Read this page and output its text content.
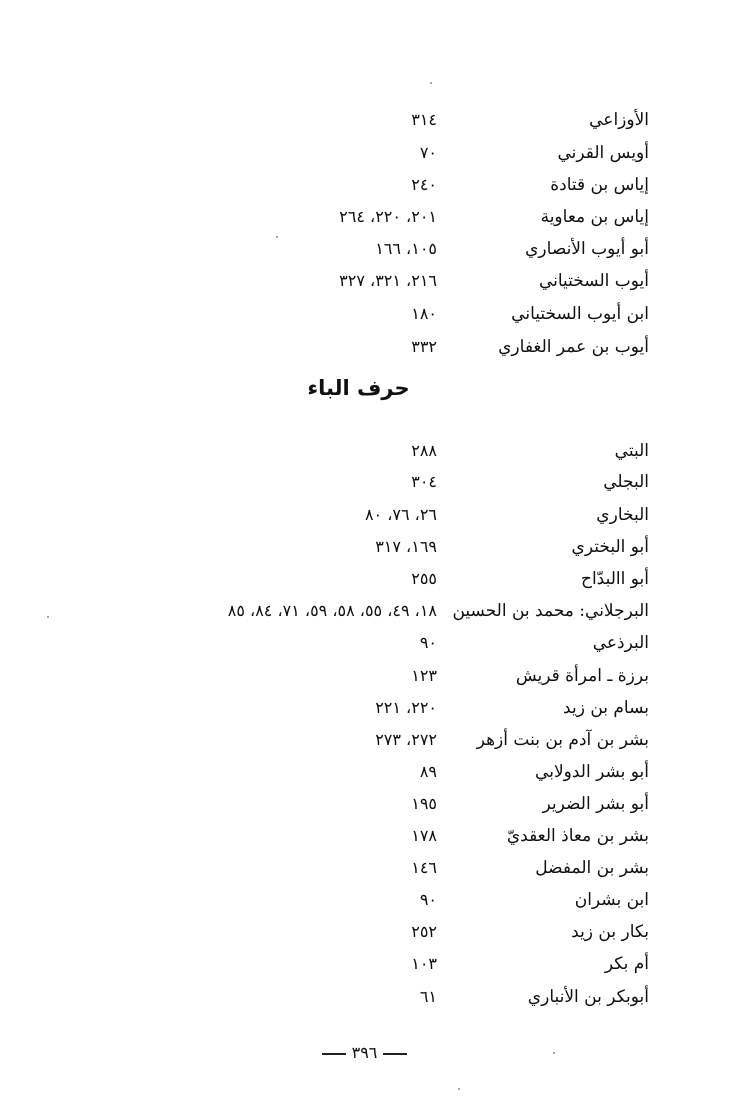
الأوزاعي
٣١٤
أويس القرني
٧٠
إياس بن قتادة
٢٤٠
إياس بن معاوية
٢٠١، ٢٢٠، ٢٦٤
أبو أيوب الأنصاري
١٠٥، ١٦٦
أيوب السختياني
٢١٦، ٣٢١، ٣٢٧
ابن أيوب السختياني
١٨٠
أيوب بن عمر الغفاري
٣٣٢
حرف الباء
البتي
٢٨٨
البجلي
٣٠٤
البخاري
٢٦، ٧٦، ٨٠
أبو البختري
١٦٩، ٣١٧
أبو االبدّاح
٢٥٥
البرجلاني: محمد بن الحسين
١٨، ٤٩، ٥٥، ٥٨، ٥٩، ٧١، ٨٤، ٨٥
البرذعي
٩٠
برزة ـ امرأة قريش
١٢٣
بسام بن زيد
٢٢٠، ٢٢١
بشر بن آدم بن بنت أزهر
٢٧٢، ٢٧٣
أبو بشر الدولابي
٨٩
أبو بشر الضرير
١٩٥
بشر بن معاذ العقديّ
١٧٨
بشر بن المفضل
١٤٦
ابن بشران
٩٠
بكار بن زيد
٢٥٢
أم بكر
١٠٣
أبوبكر بن الأنباري
٦١
٣٩٦
